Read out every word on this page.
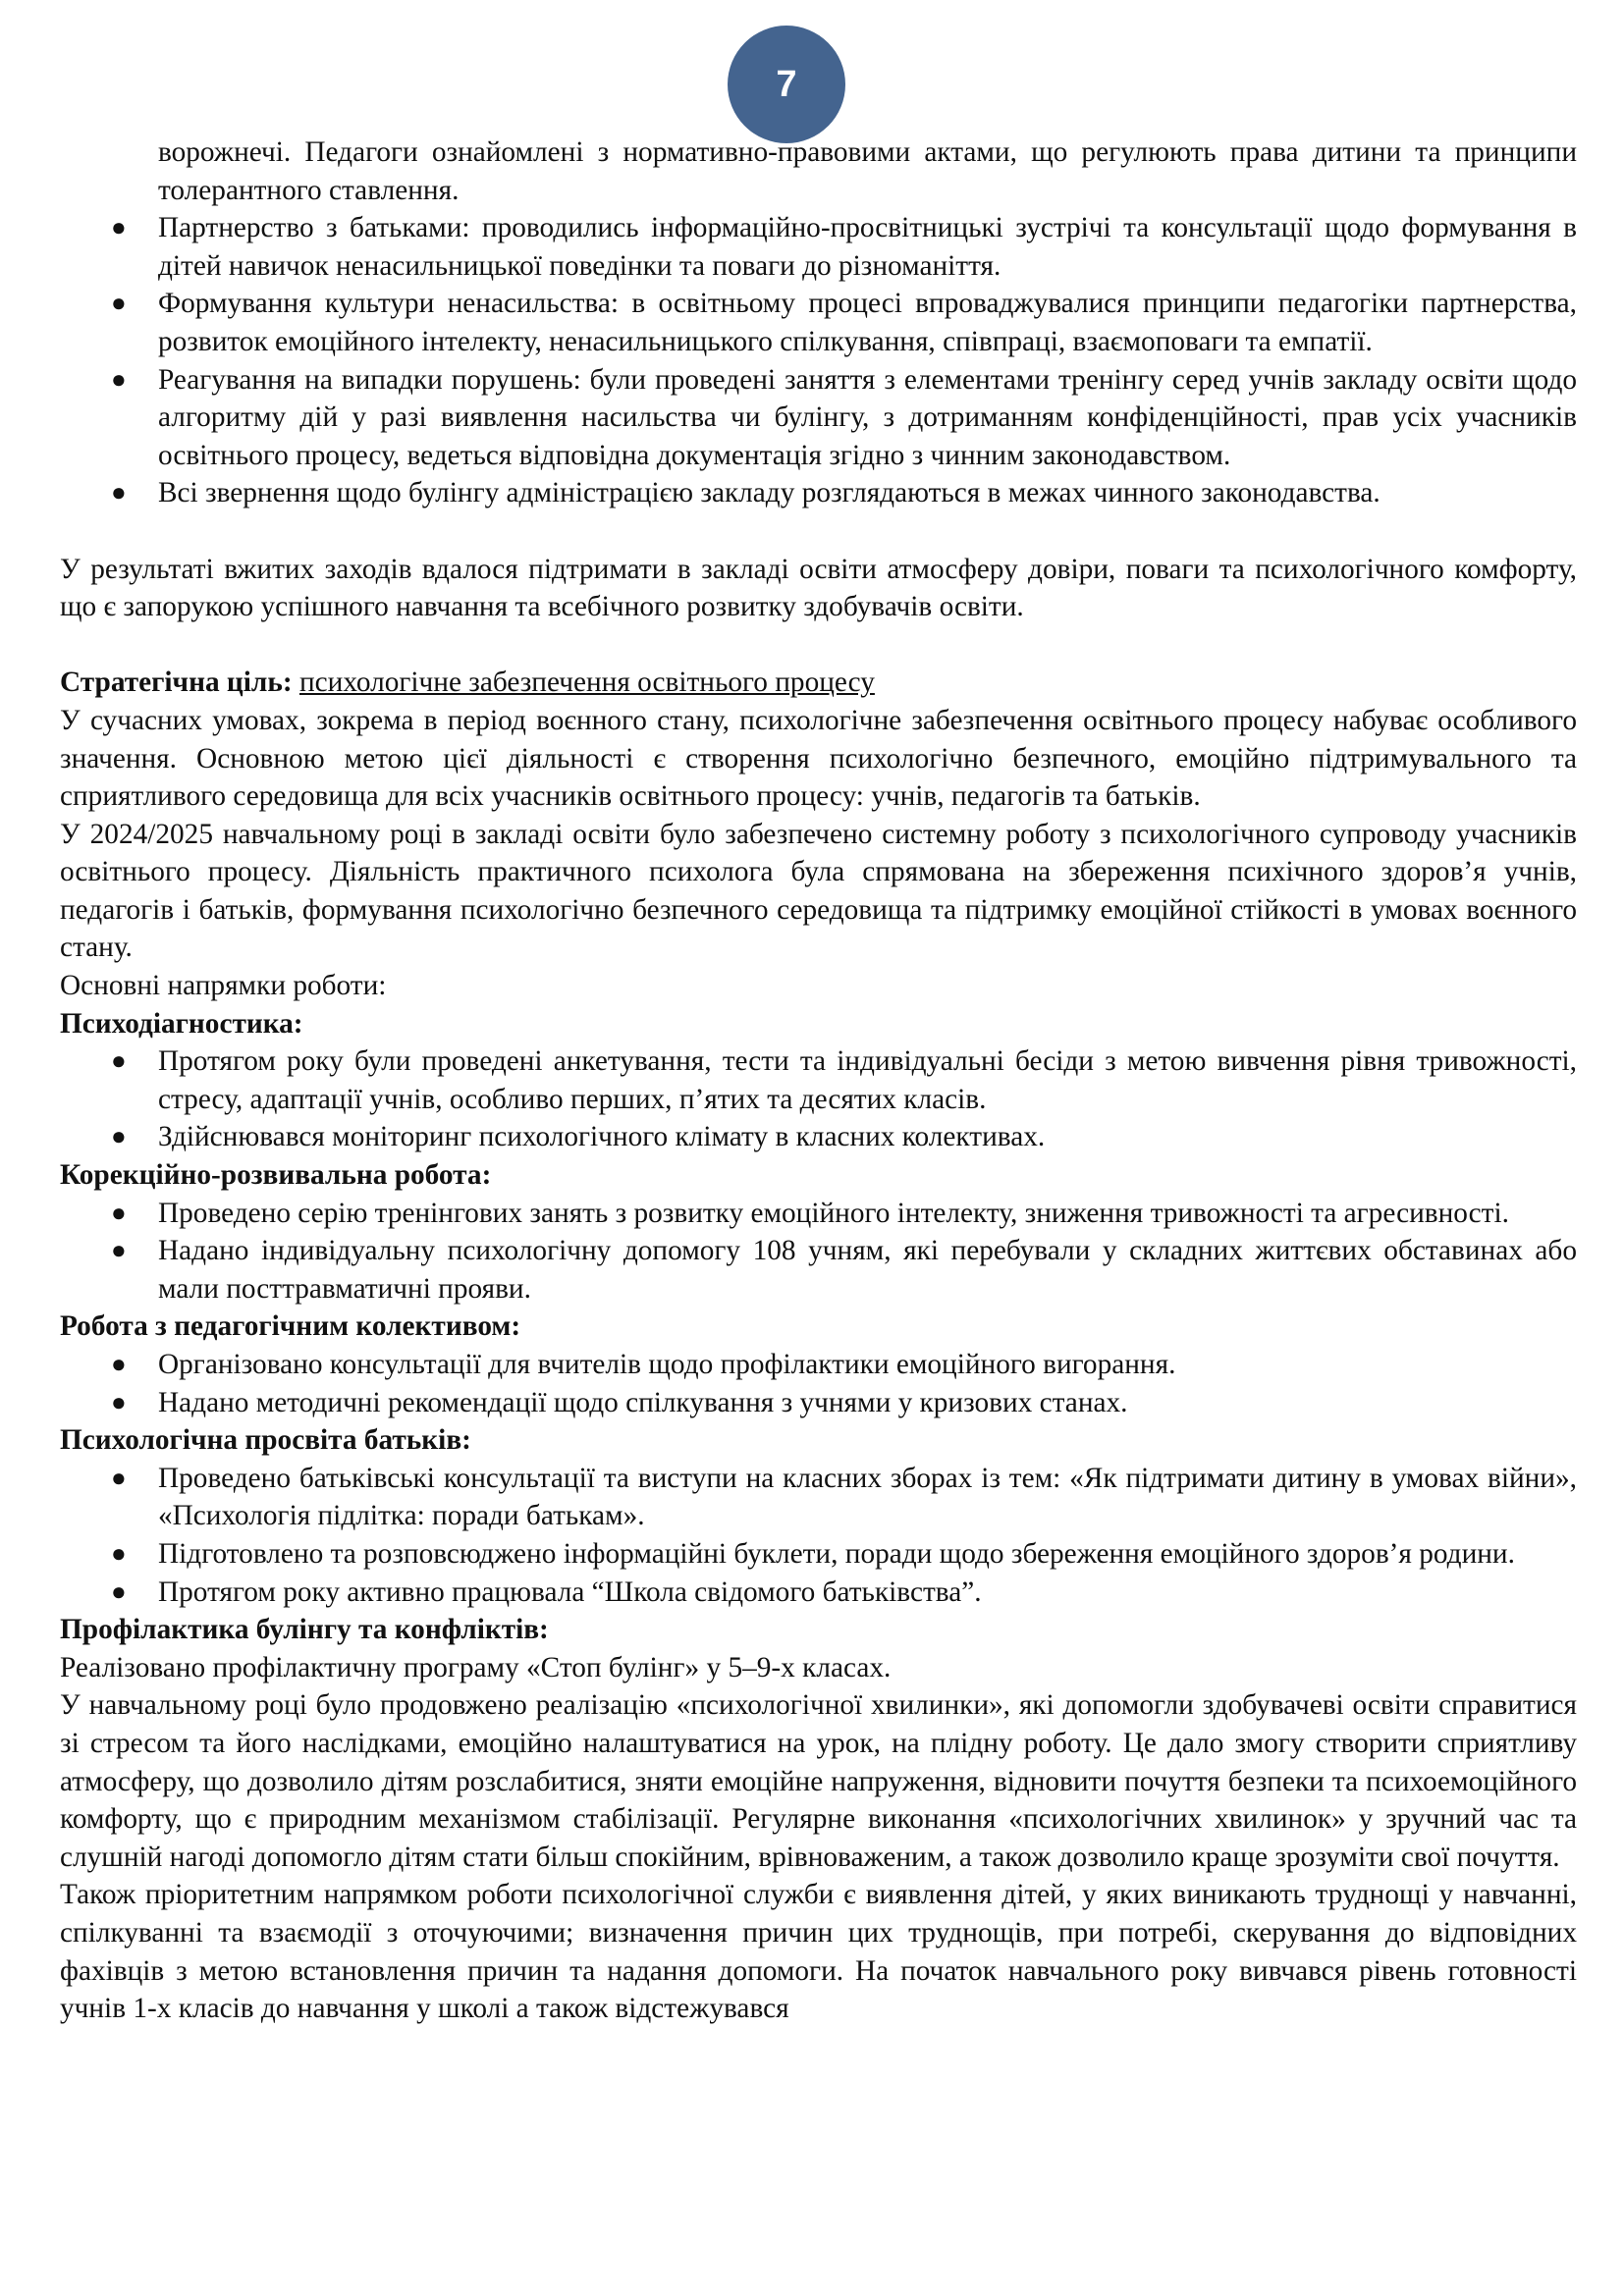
7
ворожнечі. Педагоги ознайомлені з нормативно-правовими актами, що регулюють права дитини та принципи толерантного ставлення.
● Партнерство з батьками: проводились інформаційно-просвітницькі зустрічі та консультації щодо формування в дітей навичок ненасильницької поведінки та поваги до різноманіття.
● Формування культури ненасильства: в освітньому процесі впроваджувалися принципи педагогіки партнерства, розвиток емоційного інтелекту, ненасильницького спілкування, співпраці, взаємоповаги та емпатії.
● Реагування на випадки порушень: були проведені заняття з елементами тренінгу серед учнів закладу освіти щодо алгоритму дій у разі виявлення насильства чи булінгу, з дотриманням конфіденційності, прав усіх учасників освітнього процесу, ведеться відповідна документація згідно з чинним законодавством.
● Всі звернення щодо булінгу адміністрацією закладу розглядаються в межах чинного законодавства.

У результаті вжитих заходів вдалося підтримати в закладі освіти атмосферу довіри, поваги та психологічного комфорту, що є запорукою успішного навчання та всебічного розвитку здобувачів освіти.

Стратегічна ціль: психологічне забезпечення освітнього процесу

У сучасних умовах, зокрема в період воєнного стану, психологічне забезпечення освітнього процесу набуває особливого значення. Основною метою цієї діяльності є створення психологічно безпечного, емоційно підтримувального та сприятливого середовища для всіх учасників освітнього процесу: учнів, педагогів та батьків.

У 2024/2025 навчальному році в закладі освіти було забезпечено системну роботу з психологічного супроводу учасників освітнього процесу. Діяльність практичного психолога була спрямована на збереження психічного здоров’я учнів, педагогів і батьків, формування психологічно безпечного середовища та підтримку емоційної стійкості в умовах воєнного стану.

Основні напрямки роботи:

Психодіагностика:

● Протягом року були проведені анкетування, тести та індивідуальні бесіди з метою вивчення рівня тривожності, стресу, адаптації учнів, особливо перших, п’ятих та десятих класів.
● Здійснювався моніторинг психологічного клімату в класних колективах.

Корекційно-розвивальна робота:

● Проведено серію тренінгових занять з розвитку емоційного інтелекту, зниження тривожності та агресивності.
● Надано індивідуальну психологічну допомогу 108 учням, які перебували у складних життєвих обставинах або мали посттравматичні прояви.

Робота з педагогічним колективом:

● Організовано консультації для вчителів щодо профілактики емоційного вигорання.
● Надано методичні рекомендації щодо спілкування з учнями у кризових станах.

Психологічна просвіта батьків:

● Проведено батьківські консультації та виступи на класних зборах із тем: «Як підтримати дитину в умовах війни», «Психологія підлітка: поради батькам».
● Підготовлено та розповсюджено інформаційні буклети, поради щодо збереження емоційного здоров’я родини.
● Протягом року активно працювала “Школа свідомого батьківства”.

Профілактика булінгу та конфліктів:

Реалізовано профілактичну програму «Стоп булінг» у 5–9-х класах.

У навчальному році було продовжено реалізацію «психологічної хвилинки», які допомогли здобувачеві освіти справитися зі стресом та його наслідками, емоційно налаштуватися на урок, на плідну роботу. Це дало змогу створити сприятливу атмосферу, що дозволило дітям розслабитися, зняти емоційне напруження, відновити почуття безпеки та психоемоційного комфорту, що є природним механізмом стабілізації. Регулярне виконання «психологічних хвилинок» у зручний час та слушній нагоді допомогло дітям стати більш спокійним, врівноваженим, а також дозволило краще зрозуміти свої почуття.

Також пріоритетним напрямком роботи психологічної служби є виявлення дітей, у яких виникають труднощі у навчанні, спілкуванні та взаємодії з оточуючими; визначення причин цих труднощів, при потребі, скерування до відповідних фахівців з метою встановлення причин та надання допомоги. На початок навчального року вивчався рівень готовності учнів 1-х класів до навчання у школі а також відстежувався
